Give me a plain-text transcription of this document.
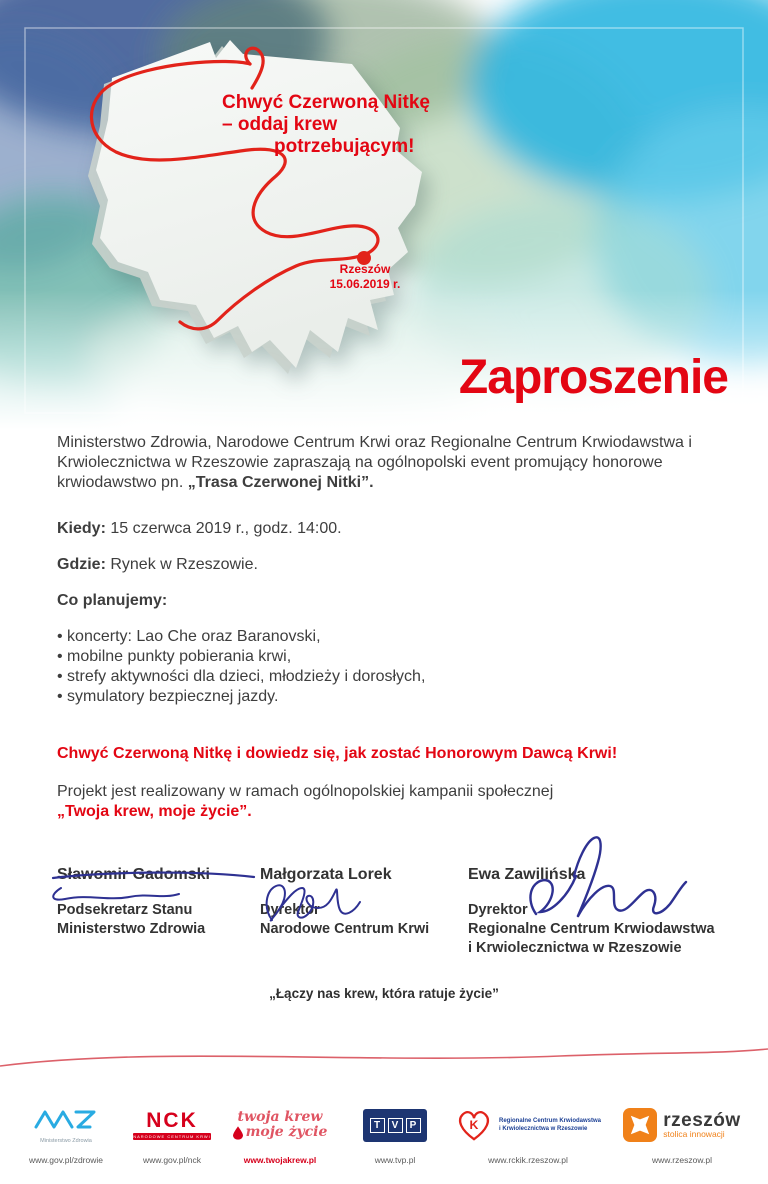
Chwyć Czerwoną Nitkę
– oddaj krew
potrzebującym!
Rzeszów
15.06.2019 r.
Zaproszenie

Ministerstwo Zdrowia, Narodowe Centrum Krwi oraz Regionalne Centrum Krwiodawstwa i Krwiolecznictwa w Rzeszowie zapraszają na ogólnopolski event promujący honorowe krwiodawstwo pn. „Trasa Czerwonej Nitki”.

Kiedy: 15 czerwca 2019 r., godz. 14:00.

Gdzie: Rynek w Rzeszowie.

Co planujemy:

• koncerty: Lao Che oraz Baranovski,
• mobilne punkty pobierania krwi,
• strefy aktywności dla dzieci, młodzieży i dorosłych,
• symulatory bezpiecznej jazdy.

Chwyć Czerwoną Nitkę i dowiedz się, jak zostać Honorowym Dawcą Krwi!

Projekt jest realizowany w ramach ogólnopolskiej kampanii społecznej
„Twoja krew, moje życie”.
Sławomir Gadomski
Podsekretarz Stanu
Ministerstwo Zdrowia
Małgorzata Lorek
Dyrektor
Narodowe Centrum Krwi
Ewa Zawilińska
Dyrektor
Regionalne Centrum Krwiodawstwa
i Krwiolecznictwa w Rzeszowie
„Łączy nas krew, która ratuje życie”
Ministerstwo Zdrowia
www.gov.pl/zdrowie
NCK
NARODOWE CENTRUM KRWI
www.gov.pl/nck
twoja krew
moje życie
www.twojakrew.pl
T	V	P
www.tvp.pl
K	Regionalne Centrum Krwiodawstwa
i Krwiolecznictwa w Rzeszowie
www.rckik.rzeszow.pl
rzeszów
stolica innowacji
www.rzeszow.pl
